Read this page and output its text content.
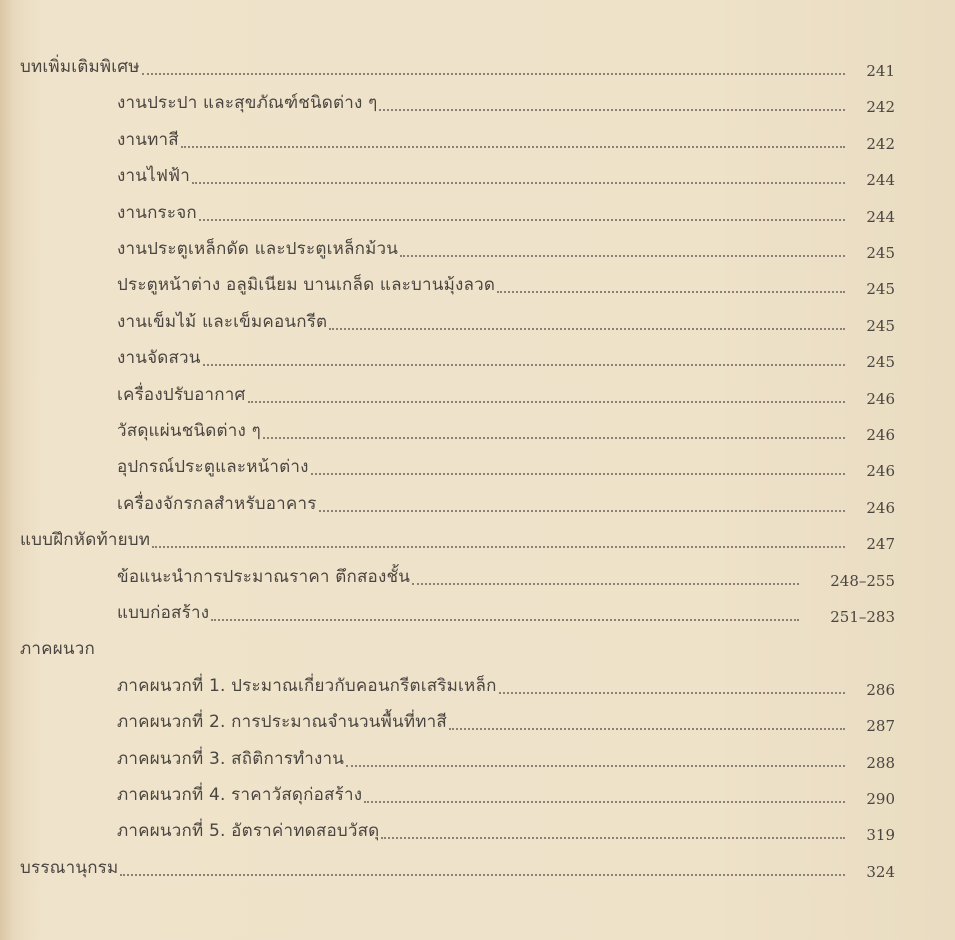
บทเพิ่มเติมพิเศษ	241
งานประปา และสุขภัณฑ์ชนิดต่าง ๆ	242
งานทาสี	242
งานไฟฟ้า	244
งานกระจก	244
งานประตูเหล็กดัด และประตูเหล็กม้วน	245
ประตูหน้าต่าง อลูมิเนียม บานเกล็ด และบานมุ้งลวด	245
งานเข็มไม้ และเข็มคอนกรีต	245
งานจัดสวน	245
เครื่องปรับอากาศ	246
วัสดุแผ่นชนิดต่าง ๆ	246
อุปกรณ์ประตูและหน้าต่าง	246
เครื่องจักรกลสำหรับอาคาร	246
แบบฝึกหัดท้ายบท	247
ข้อแนะนำการประมาณราคา ตึกสองชั้น	248–255
แบบก่อสร้าง	251–283
ภาคผนวก
ภาคผนวกที่ 1. ประมาณเกี่ยวกับคอนกรีตเสริมเหล็ก	286
ภาคผนวกที่ 2. การประมาณจำนวนพื้นที่ทาสี	287
ภาคผนวกที่ 3. สถิติการทำงาน	288
ภาคผนวกที่ 4. ราคาวัสดุก่อสร้าง	290
ภาคผนวกที่ 5. อัตราค่าทดสอบวัสดุ	319
บรรณานุกรม	324
